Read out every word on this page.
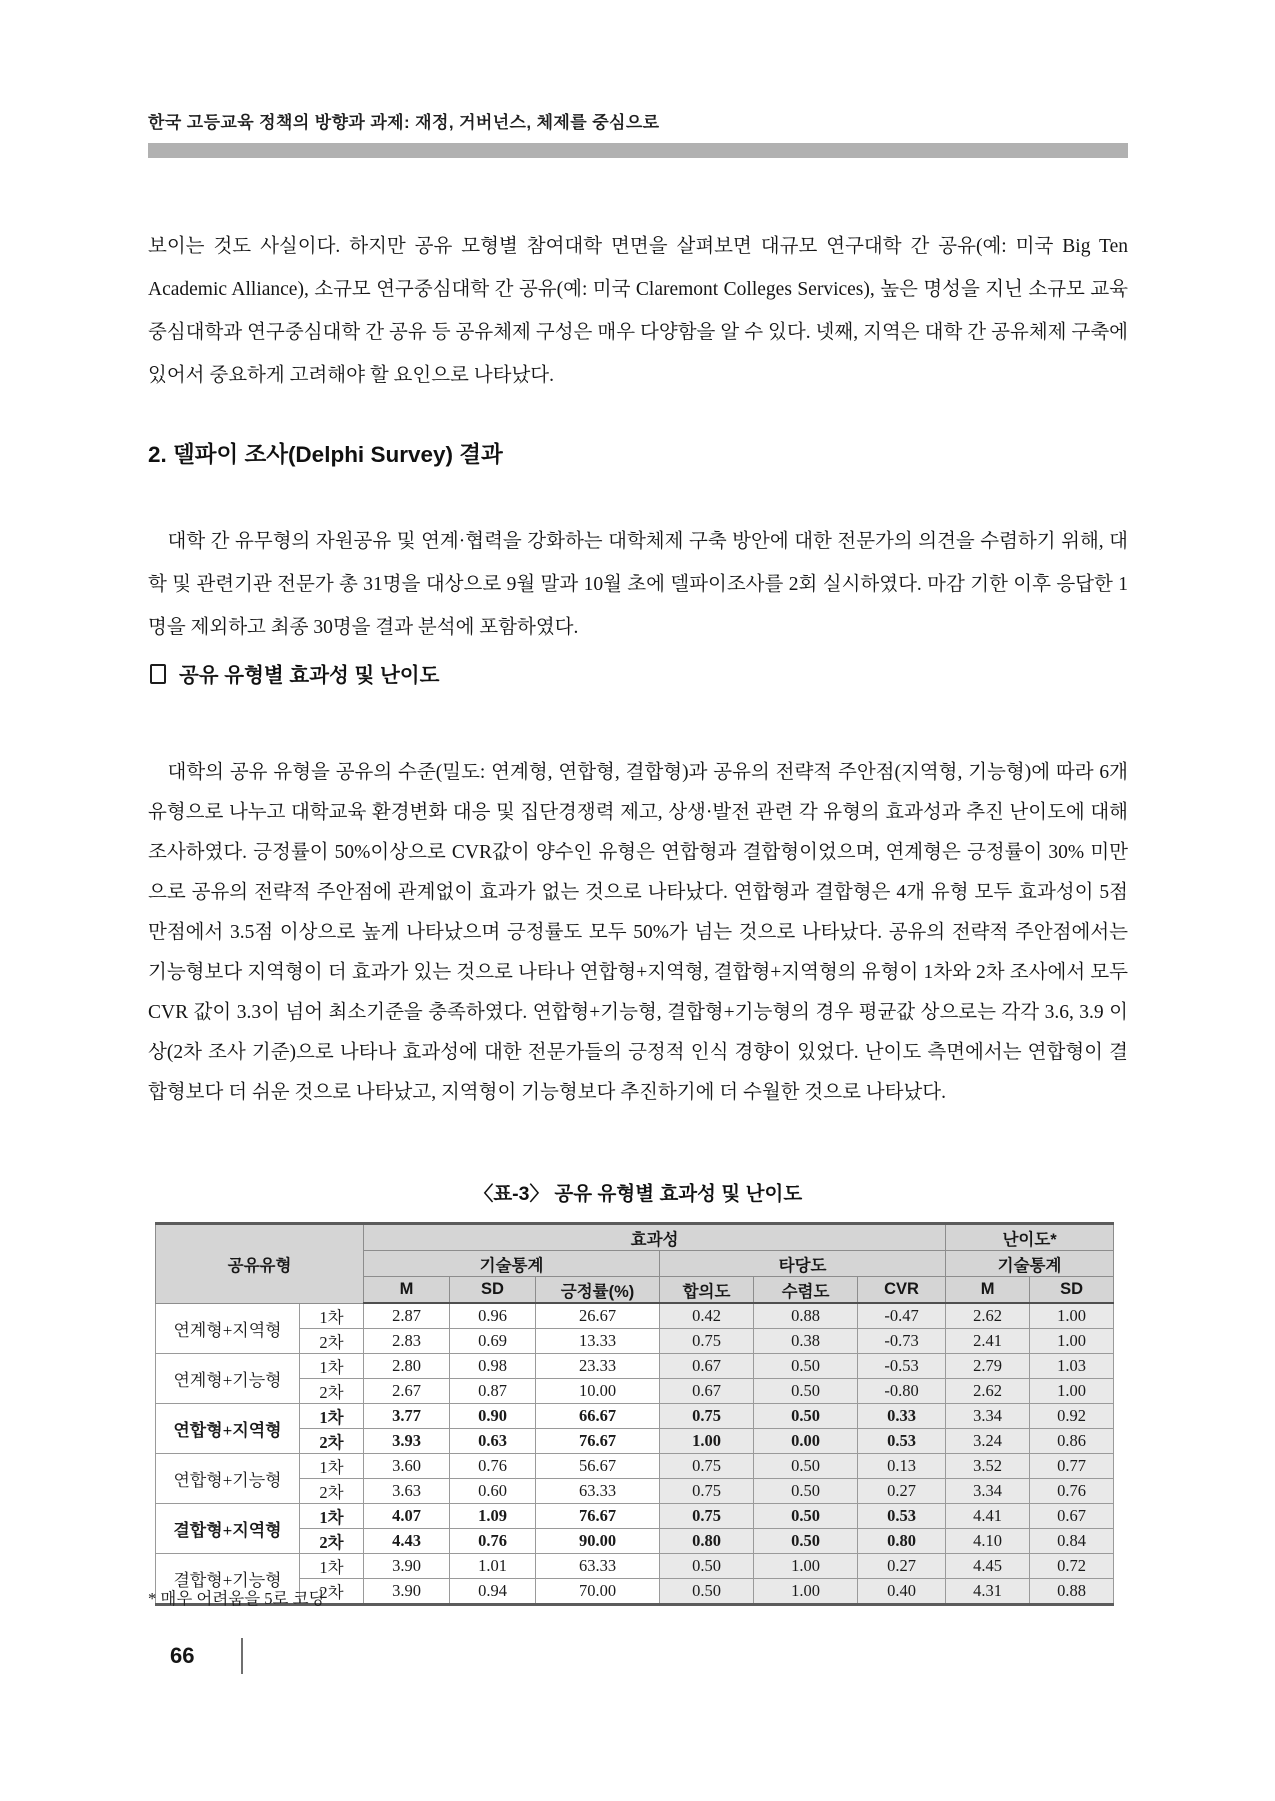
한국 고등교육 정책의 방향과 과제: 재정, 거버넌스, 체제를 중심으로

보이는 것도 사실이다. 하지만 공유 모형별 참여대학 면면을 살펴보면 대규모 연구대학 간 공유(예: 미국 Big Ten Academic Alliance), 소규모 연구중심대학 간 공유(예: 미국 Claremont Colleges Services), 높은 명성을 지닌 소규모 교육중심대학과 연구중심대학 간 공유 등 공유체제 구성은 매우 다양함을 알 수 있다. 넷째, 지역은 대학 간 공유체제 구축에 있어서 중요하게 고려해야 할 요인으로 나타났다.

2. 델파이 조사(Delphi Survey) 결과

대학 간 유무형의 자원공유 및 연계·협력을 강화하는 대학체제 구축 방안에 대한 전문가의 의견을 수렴하기 위해, 대학 및 관련기관 전문가 총 31명을 대상으로 9월 말과 10월 초에 델파이조사를 2회 실시하였다. 마감 기한 이후 응답한 1명을 제외하고 최종 30명을 결과 분석에 포함하였다.

공유 유형별 효과성 및 난이도

대학의 공유 유형을 공유의 수준(밀도: 연계형, 연합형, 결합형)과 공유의 전략적 주안점(지역형, 기능형)에 따라 6개 유형으로 나누고 대학교육 환경변화 대응 및 집단경쟁력 제고, 상생·발전 관련 각 유형의 효과성과 추진 난이도에 대해 조사하였다. 긍정률이 50%이상으로 CVR값이 양수인 유형은 연합형과 결합형이었으며, 연계형은 긍정률이 30% 미만으로 공유의 전략적 주안점에 관계없이 효과가 없는 것으로 나타났다. 연합형과 결합형은 4개 유형 모두 효과성이 5점 만점에서 3.5점 이상으로 높게 나타났으며 긍정률도 모두 50%가 넘는 것으로 나타났다. 공유의 전략적 주안점에서는 기능형보다 지역형이 더 효과가 있는 것으로 나타나 연합형+지역형, 결합형+지역형의 유형이 1차와 2차 조사에서 모두 CVR 값이 3.3이 넘어 최소기준을 충족하였다. 연합형+기능형, 결합형+기능형의 경우 평균값 상으로는 각각 3.6, 3.9 이상(2차 조사 기준)으로 나타나 효과성에 대한 전문가들의 긍정적 인식 경향이 있었다. 난이도 측면에서는 연합형이 결합형보다 더 쉬운 것으로 나타났고, 지역형이 기능형보다 추진하기에 더 수월한 것으로 나타났다.

〈표-3〉 공유 유형별 효과성 및 난이도
공유유형		효과성						난이도*	
		기술통계			타당도			기술통계	
		M	SD	긍정률(%)	합의도	수렴도	CVR	M	SD
연계형+지역형	1차	2.87	0.96	26.67	0.42	0.88	-0.47	2.62	1.00
	2차	2.83	0.69	13.33	0.75	0.38	-0.73	2.41	1.00
연계형+기능형	1차	2.80	0.98	23.33	0.67	0.50	-0.53	2.79	1.03
	2차	2.67	0.87	10.00	0.67	0.50	-0.80	2.62	1.00
연합형+지역형	1차	3.77	0.90	66.67	0.75	0.50	0.33	3.34	0.92
	2차	3.93	0.63	76.67	1.00	0.00	0.53	3.24	0.86
연합형+기능형	1차	3.60	0.76	56.67	0.75	0.50	0.13	3.52	0.77
	2차	3.63	0.60	63.33	0.75	0.50	0.27	3.34	0.76
결합형+지역형	1차	4.07	1.09	76.67	0.75	0.50	0.53	4.41	0.67
	2차	4.43	0.76	90.00	0.80	0.50	0.80	4.10	0.84
결합형+기능형	1차	3.90	1.01	63.33	0.50	1.00	0.27	4.45	0.72
	2차	3.90	0.94	70.00	0.50	1.00	0.40	4.31	0.88
* 매우 어려움을 5로 코딩
66
